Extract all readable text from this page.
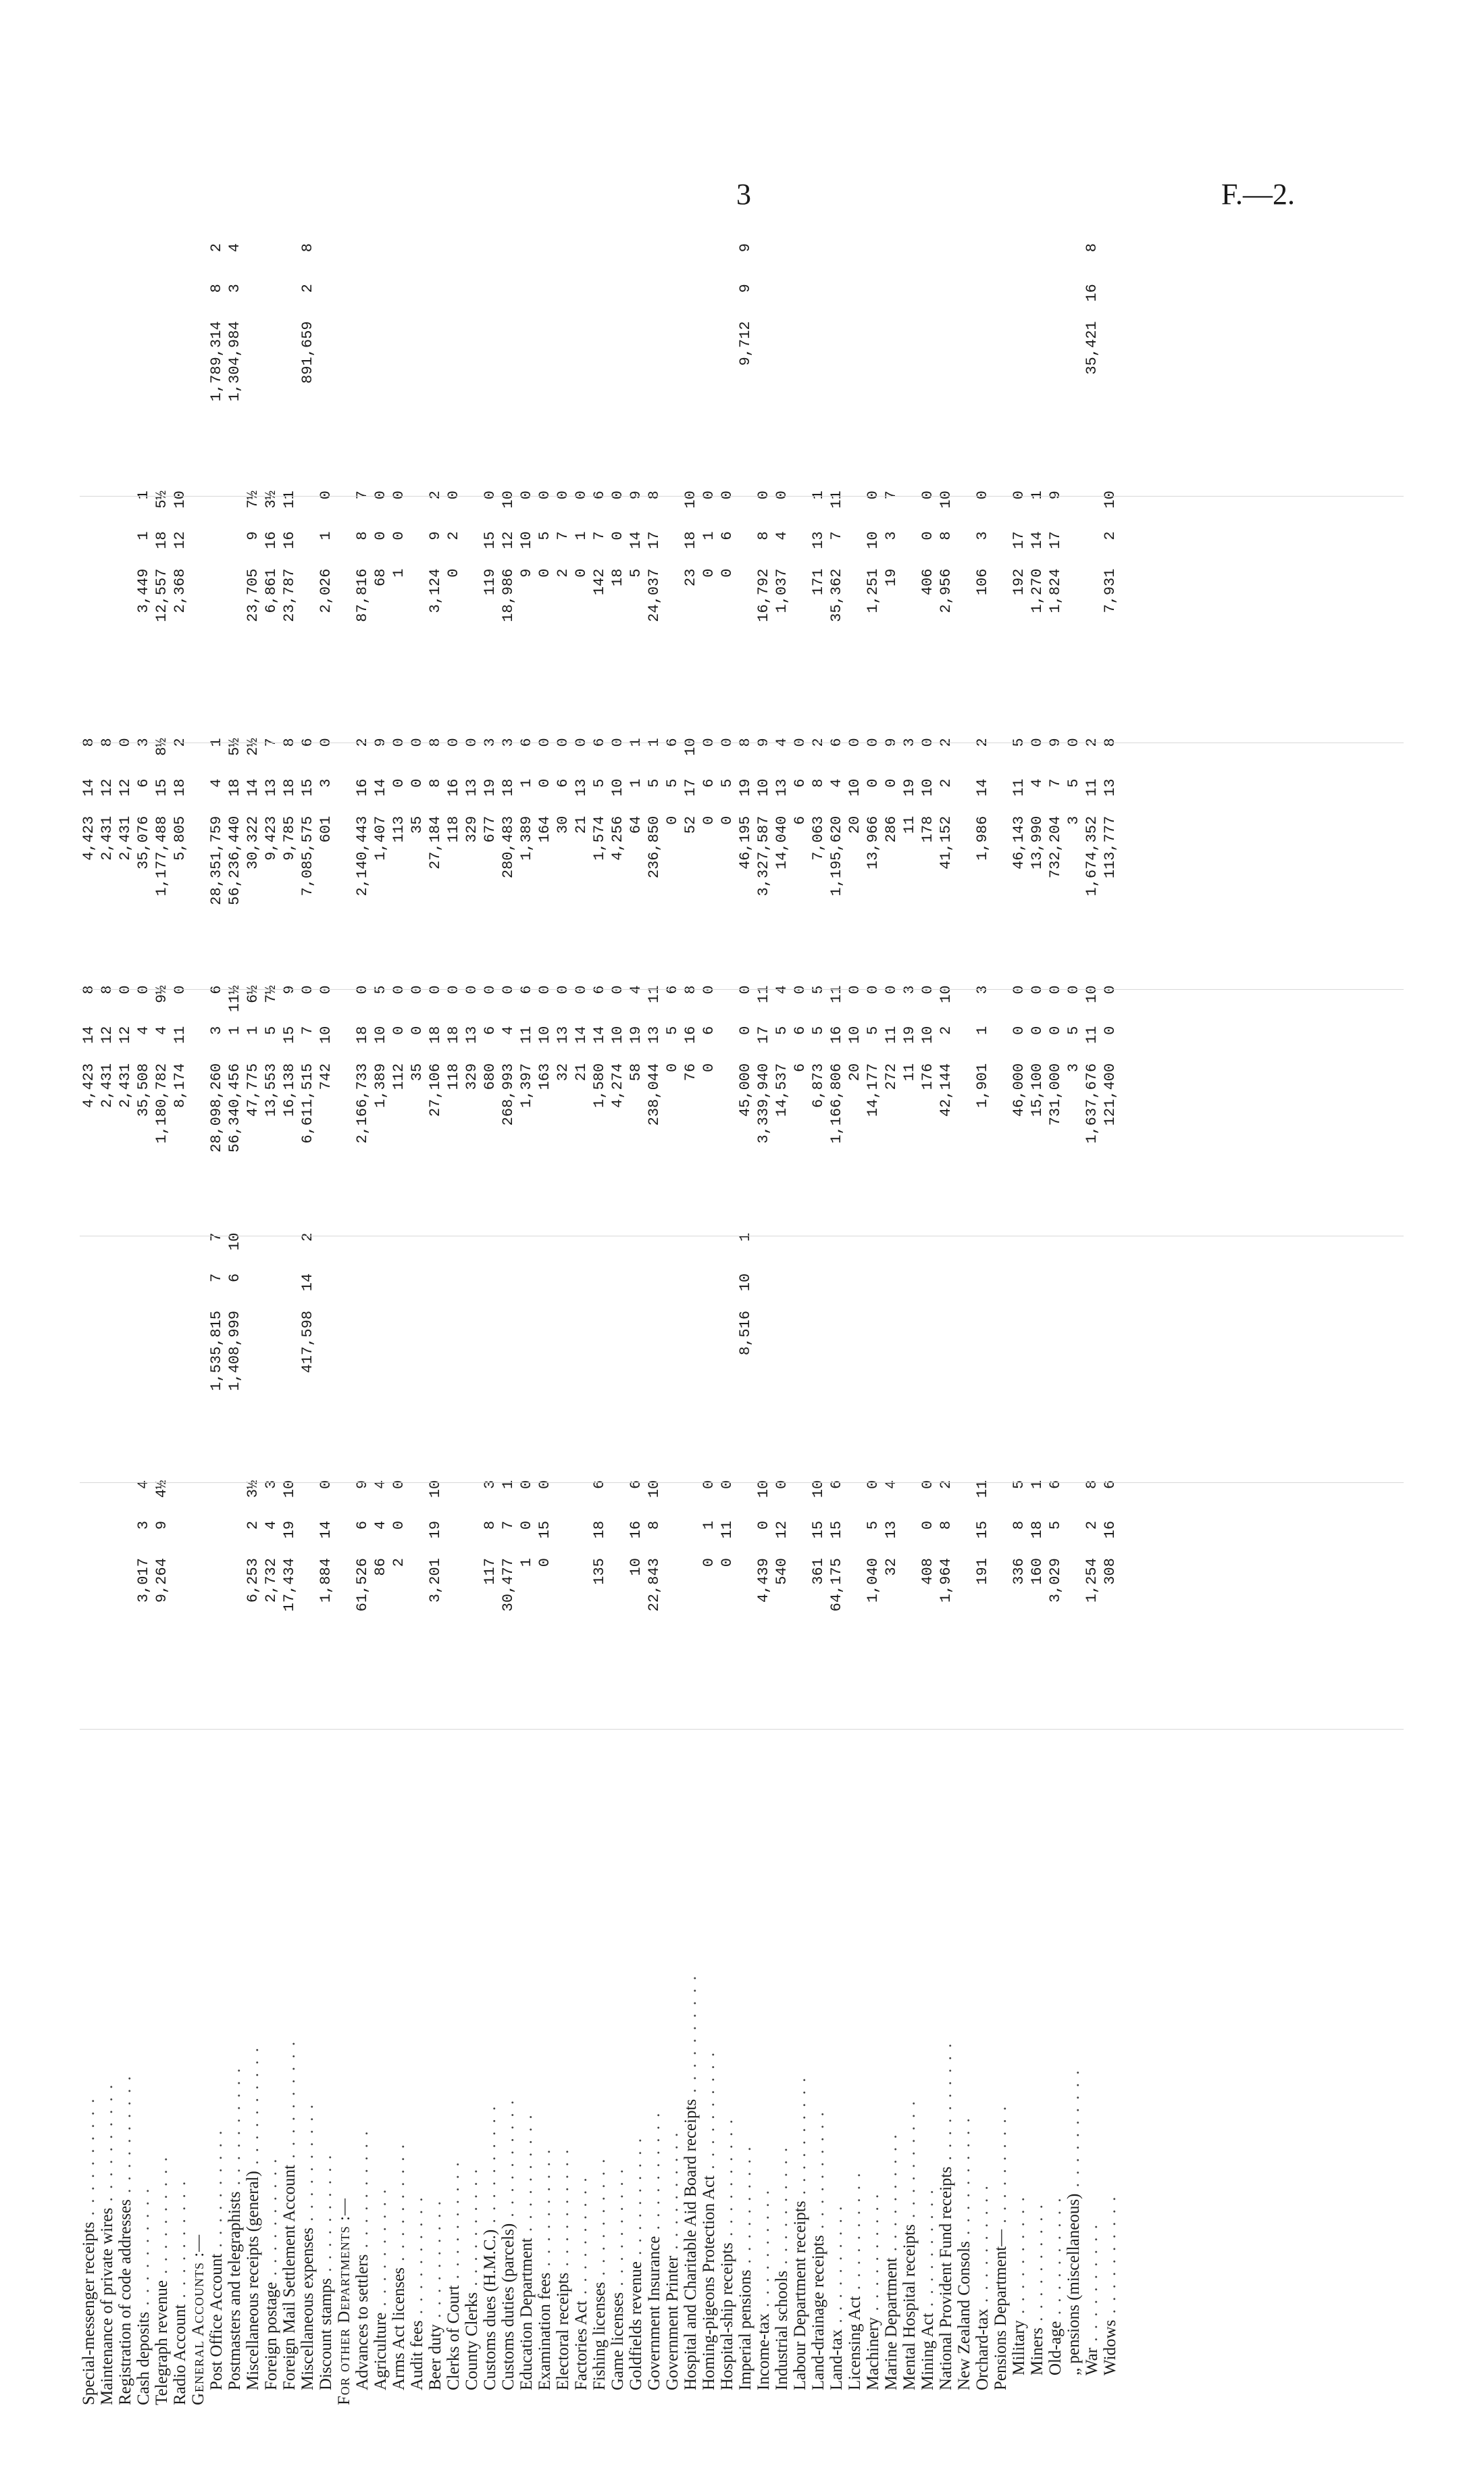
3	F.—2.
Special-messenger receipts . . . . . . . . . .							4,423	14	8	4,423	14	8						
Maintenance of private wires . . . . . . . . . .							2,431	12	8	2,431	12	8						
Registration of code addresses . . . . . . . . . .							2,431	12	0	2,431	12	0						
Cash deposits . . . . . . . . . .	3,017	3	4				35,508	4	0	35,076	6	3	3,449	1	1			
Telegraph revenue . . . . . . . . . .	9,264	9	4½				1,180,782	4	9½	1,177,488	15	8½	12,557	18	5½			
Radio Account . . . . . . . . . .							8,174	11	0	5,805	18	2	2,368	12	10			
General Accounts :—																		
Post Office Account . . . . . . . . . .				1,535,815	7	7	28,098,260	3	6	28,351,759	4	1				1,789,314	8	2
Postmasters and telegraphists . . . . . . . . . .				1,408,999	6	10	56,340,456	1	11½	56,236,440	18	5½				1,304,984	3	4
Miscellaneous receipts (general) . . . . . . . . . .	6,253	2	3½				47,775	1	6½	30,322	14	2½	23,705	9	7½			
Foreign postage . . . . . . . . . .	2,732	4	3				13,553	5	7½	9,423	13	7	6,861	16	3½			
Foreign Mail Settlement Account . . . . . . . . . .	17,434	19	10				16,138	15	9	9,785	18	8	23,787	16	11			
Miscellaneous expenses . . . . . . . . . .				417,598	14	2	6,611,515	7	0	7,085,575	15	6				891,659	2	8
Discount stamps . . . . . . . . . .	1,884	14	0				742	10	0	601	3	0	2,026	1	0			
For other Departments :—																		
Advances to settlers . . . . . . . . . .	61,526	6	9				2,166,733	18	0	2,140,443	16	2	87,816	8	7			
Agriculture . . . . . . . . . .	86	4	4				1,389	10	5	1,407	14	9	68	0	0			
Arms Act licenses . . . . . . . . . .	2	0	0				112	0	0	113	0	0	1	0	0			
Audit fees . . . . . . . . . .							35	0	0	35	0	0						
Beer duty . . . . . . . . . .	3,201	19	10				27,106	18	0	27,184	8	8	3,124	9	2			
Clerks of Court . . . . . . . . . .							118	18	0	118	16	0	0	2	0			
County Clerks . . . . . . . . . .							329	13	0	329	13	0						
Customs dues (H.M.C.) . . . . . . . . . .	117	8	3				680	6	0	677	19	3	119	15	0			
Customs duties (parcels) . . . . . . . . . .	30,477	7	1				268,993	4	0	280,483	18	3	18,986	12	10			
Education Department . . . . . . . . . .	1	0	0				1,397	11	6	1,389	1	6	9	10	0			
Examination fees . . . . . . . . . .	0	15	0				163	10	0	164	0	0	0	5	0			
Electoral receipts . . . . . . . . . .							32	13	0	30	6	0	2	7	0			
Factories Act . . . . . . . . . .							21	14	0	21	13	0	0	1	0			
Fishing licenses . . . . . . . . . .	135	18	6				1,580	14	6	1,574	5	6	142	7	6			
Game licenses . . . . . . . . . .							4,274	10	0	4,256	10	0	18	0	0			
Goldfields revenue . . . . . . . . . .	10	16	6				58	19	4	64	1	1	5	14	9			
Government Insurance . . . . . . . . . .	22,843	8	10				238,044	13	11	236,850	5	1	24,037	17	8			
Government Printer . . . . . . . . . .							0	5	6	0	5	6						
Hospital and Charitable Aid Board receipts . . . . . . . . . .							76	16	8	52	17	10	23	18	10			
Homing-pigeons Protection Act . . . . . . . . . .	0	1	0				0	6	0	0	6	0	0	1	0			
Hospital-ship receipts . . . . . . . . . .	0	11	0							0	5	0	0	6	0			
Imperial pensions . . . . . . . . . .				8,516	10	1	45,000	0	0	46,195	19	8				9,712	9	9
Income-tax . . . . . . . . . .	4,439	0	10				3,339,940	17	11	3,327,587	10	9	16,792	8	0			
Industrial schools . . . . . . . . . .	540	12	0				14,537	5	4	14,040	13	4	1,037	4	0			
Labour Department receipts . . . . . . . . . .							6	6	0	6	6	0						
Land-drainage receipts . . . . . . . . . .	361	15	10				6,873	5	5	7,063	8	2	171	13	1			
Land-tax . . . . . . . . . .	64,175	15	6				1,166,806	16	11	1,195,620	4	6	35,362	7	11			
Licensing Act . . . . . . . . . .							20	10	0	20	10	0						
Machinery . . . . . . . . . .	1,040	5	0				14,177	5	0	13,966	0	0	1,251	10	0			
Marine Department . . . . . . . . . .	32	13	4				272	11	0	286	0	9	19	3	7			
Mental Hospital receipts . . . . . . . . . .							11	19	3	11	19	3						
Mining Act . . . . . . . . . .	408	0	0				176	10	0	178	10	0	406	0	0			
National Provident Fund receipts . . . . . . . . . .	1,964	8	2				42,144	2	10	41,152	2	2	2,956	8	10			
New Zealand Consols . . . . . . . . . .																		
Orchard-tax . . . . . . . . . .	191	15	11				1,901	1	3	1,986	14	2	106	3	0			
Pensions Department— . . . . . . . . . .																		
Military . . . . . . . . . .	336	8	5				46,000	0	0	46,143	11	5	192	17	0			
Miners . . . . . . . . . .	160	18	1				15,100	0	0	13,990	4	0	1,270	14	1			
Old-age . . . . . . . . . .	3,029	5	6				731,000	0	0	732,204	7	9	1,824	17	9			
„ pensions (miscellaneous) . . . . . . . . . .							3	5	0	3	5	0						
War . . . . . . . . . .	1,254	2	8				1,637,676	11	10	1,674,352	11	2				35,421	16	8
Widows . . . . . . . . . .	308	16	6				121,400	0	0	113,777	13	8	7,931	2	10			
